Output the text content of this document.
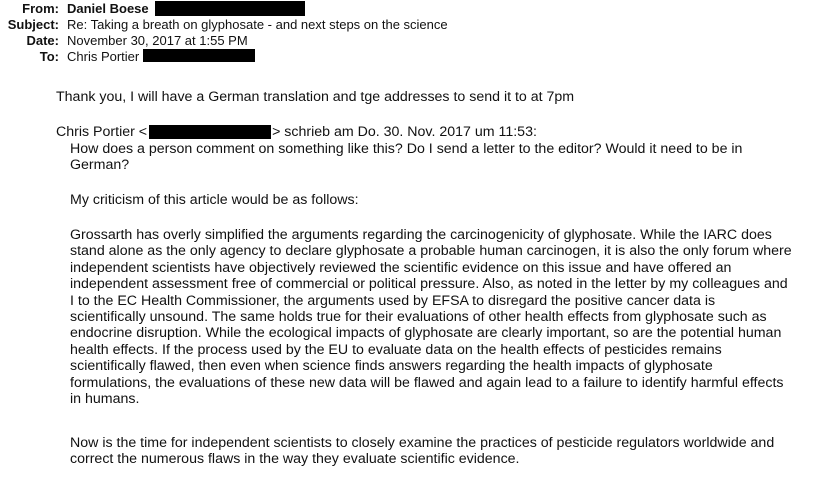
From: Daniel Boese
Subject: Re: Taking a breath on glyphosate - and next steps on the science
Date: November 30, 2017 at 1:55 PM
To: Chris Portier

Thank you, I will have a German translation and tge addresses to send it to at 7pm

Chris Portier <	> schrieb am Do. 30. Nov. 2017 um 11:53:

How does a person comment on something like this? Do I send a letter to the editor? Would it need to be in
German?

My criticism of this article would be as follows:

Grossarth has overly simplified the arguments regarding the carcinogenicity of glyphosate. While the IARC does
stand alone as the only agency to declare glyphosate a probable human carcinogen, it is also the only forum where
independent scientists have objectively reviewed the scientific evidence on this issue and have offered an
independent assessment free of commercial or political pressure. Also, as noted in the letter by my colleagues and
I to the EC Health Commissioner, the arguments used by EFSA to disregard the positive cancer data is
scientifically unsound. The same holds true for their evaluations of other health effects from glyphosate such as
endocrine disruption. While the ecological impacts of glyphosate are clearly important, so are the potential human
health effects. If the process used by the EU to evaluate data on the health effects of pesticides remains
scientifically flawed, then even when science finds answers regarding the health impacts of glyphosate
formulations, the evaluations of these new data will be flawed and again lead to a failure to identify harmful effects
in humans.

Now is the time for independent scientists to closely examine the practices of pesticide regulators worldwide and
correct the numerous flaws in the way they evaluate scientific evidence.
